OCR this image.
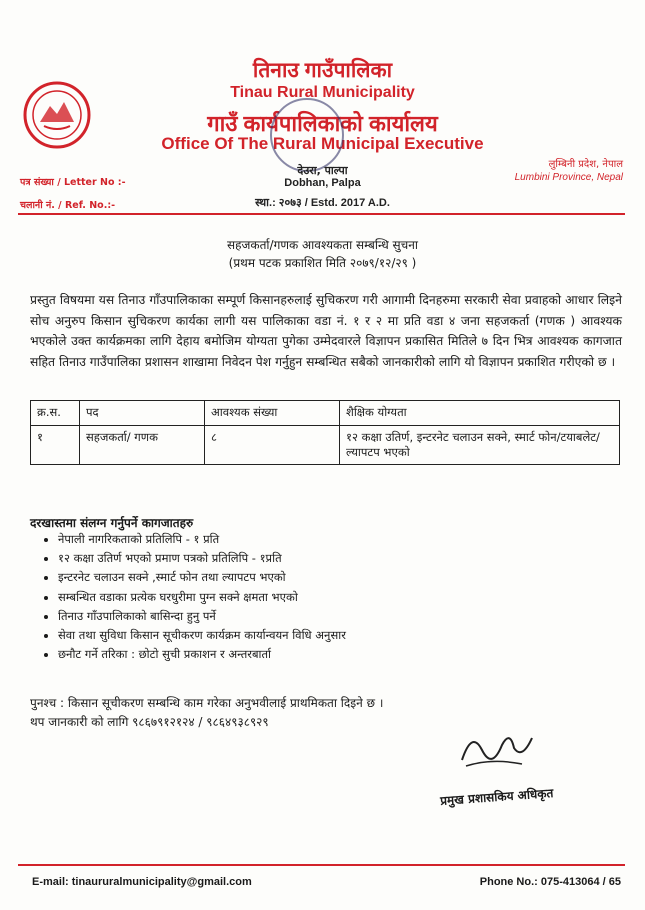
तिनाउ गाउँपालिका
Tinau Rural Municipality
गाउँ कार्यपालिकाको कार्यालय
Office Of The Rural Municipal Executive
देउरा, पाल्पा
Dobhan, Palpa
स्था.: २०७३ / Estd. 2017 A.D.
लुम्बिनी प्रदेश, नेपाल
Lumbini Province, Nepal
पत्र संख्या / Letter No :-
चलानी नं. / Ref. No.:-
सहजकर्ता/गणक आवश्यकता सम्बन्धि सुचना
(प्रथम पटक प्रकाशित मिति २०७९/१२/२९ )
प्रस्तुत विषयमा यस तिनाउ गाँउपालिकाका सम्पूर्ण किसानहरुलाई सुचिकरण गरी आगामी दिनहरुमा सरकारी सेवा प्रवाहको आधार लिइने सोच अनुरुप किसान सुचिकरण कार्यका लागी यस पालिकाका वडा नं. १ र २ मा प्रति वडा ४ जना सहजकर्ता (गणक ) आवश्यक भएकोले उक्त कार्यक्रमका लागि देहाय बमोजिम योग्यता पुगेका उम्मेदवारले विज्ञापन प्रकासित मितिले ७ दिन भित्र आवश्यक कागजात सहित तिनाउ गाउँपालिका प्रशासन शाखामा निवेदन पेश गर्नुहुन सम्बन्धित सबैको जानकारीको लागि यो विज्ञापन प्रकाशित गरीएको छ ।
क्र.स.	पद	आवश्यक संख्या	शैक्षिक योग्यता
१	सहजकर्ता/ गणक	८	१२ कक्षा उतिर्ण, इन्टरनेट चलाउन सक्ने, स्मार्ट फोन/टयाबलेट/ल्यापटप भएको
दरखास्तमा संलग्न गर्नुपर्ने कागजातहरु
• नेपाली नागरिकताको प्रतिलिपि - १ प्रति
• १२ कक्षा उतिर्ण भएको प्रमाण पत्रको प्रतिलिपि - १प्रति
• इन्टरनेट चलाउन सक्ने ,स्मार्ट फोन तथा ल्यापटप भएको
• सम्बन्धित वडाका प्रत्येक घरधुरीमा पुग्न सक्ने क्षमता भएको
• तिनाउ गाँउपालिकाको बासिन्दा हुनु पर्ने
• सेवा तथा सुविधा किसान सूचीकरण कार्यक्रम कार्यान्वयन विधि अनुसार
• छनौट गर्ने तरिका : छोटो सुची प्रकाशन र अन्तरबार्ता
पुनश्च : किसान सूचीकरण सम्बन्धि काम गरेका अनुभवीलाई प्राथमिकता दिइने छ ।
थप जानकारी को लागि ९८६७९१२१२४ / ९८६४९३८९२९
प्रमुख प्रशासकिय अधिकृत
E-mail: tinaururalmunicipality@gmail.com	Phone No.: 075-413064 / 65
